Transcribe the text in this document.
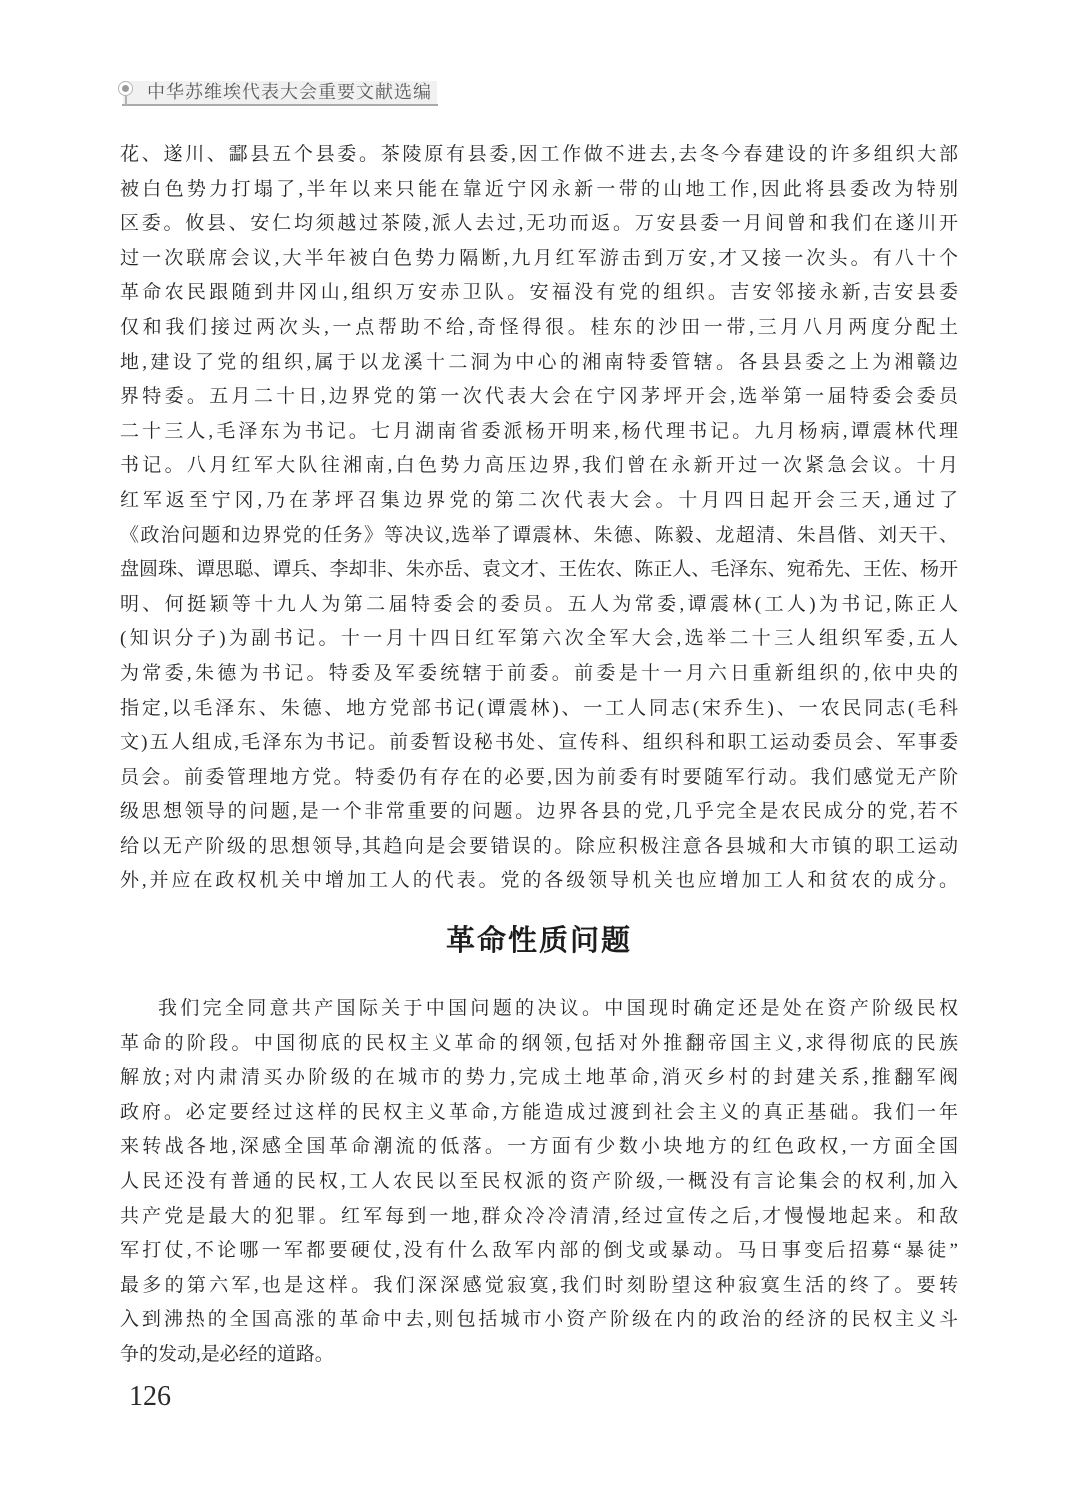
中华苏维埃代表大会重要文献选编
花、遂川、酃县五个县委。茶陵原有县委,因工作做不进去,去冬今春建设的许多组织大部
被白色势力打塌了,半年以来只能在靠近宁冈永新一带的山地工作,因此将县委改为特别
区委。攸县、安仁均须越过茶陵,派人去过,无功而返。万安县委一月间曾和我们在遂川开
过一次联席会议,大半年被白色势力隔断,九月红军游击到万安,才又接一次头。有八十个
革命农民跟随到井冈山,组织万安赤卫队。安福没有党的组织。吉安邻接永新,吉安县委
仅和我们接过两次头,一点帮助不给,奇怪得很。桂东的沙田一带,三月八月两度分配土
地,建设了党的组织,属于以龙溪十二洞为中心的湘南特委管辖。各县县委之上为湘赣边
界特委。五月二十日,边界党的第一次代表大会在宁冈茅坪开会,选举第一届特委会委员
二十三人,毛泽东为书记。七月湖南省委派杨开明来,杨代理书记。九月杨病,谭震林代理
书记。八月红军大队往湘南,白色势力高压边界,我们曾在永新开过一次紧急会议。十月
红军返至宁冈,乃在茅坪召集边界党的第二次代表大会。十月四日起开会三天,通过了
《政治问题和边界党的任务》等决议,选举了谭震林、朱德、陈毅、龙超清、朱昌偕、刘天干、
盘圆珠、谭思聪、谭兵、李却非、朱亦岳、袁文才、王佐农、陈正人、毛泽东、宛希先、王佐、杨开
明、何挺颖等十九人为第二届特委会的委员。五人为常委,谭震林(工人)为书记,陈正人
(知识分子)为副书记。十一月十四日红军第六次全军大会,选举二十三人组织军委,五人
为常委,朱德为书记。特委及军委统辖于前委。前委是十一月六日重新组织的,依中央的
指定,以毛泽东、朱德、地方党部书记(谭震林)、一工人同志(宋乔生)、一农民同志(毛科
文)五人组成,毛泽东为书记。前委暂设秘书处、宣传科、组织科和职工运动委员会、军事委
员会。前委管理地方党。特委仍有存在的必要,因为前委有时要随军行动。我们感觉无产阶
级思想领导的问题,是一个非常重要的问题。边界各县的党,几乎完全是农民成分的党,若不
给以无产阶级的思想领导,其趋向是会要错误的。除应积极注意各县城和大市镇的职工运动
外,并应在政权机关中增加工人的代表。党的各级领导机关也应增加工人和贫农的成分。
革命性质问题
我们完全同意共产国际关于中国问题的决议。中国现时确定还是处在资产阶级民权
革命的阶段。中国彻底的民权主义革命的纲领,包括对外推翻帝国主义,求得彻底的民族
解放;对内肃清买办阶级的在城市的势力,完成土地革命,消灭乡村的封建关系,推翻军阀
政府。必定要经过这样的民权主义革命,方能造成过渡到社会主义的真正基础。我们一年
来转战各地,深感全国革命潮流的低落。一方面有少数小块地方的红色政权,一方面全国
人民还没有普通的民权,工人农民以至民权派的资产阶级,一概没有言论集会的权利,加入
共产党是最大的犯罪。红军每到一地,群众冷冷清清,经过宣传之后,才慢慢地起来。和敌
军打仗,不论哪一军都要硬仗,没有什么敌军内部的倒戈或暴动。马日事变后招募“暴徒”
最多的第六军,也是这样。我们深深感觉寂寞,我们时刻盼望这种寂寞生活的终了。要转
入到沸热的全国高涨的革命中去,则包括城市小资产阶级在内的政治的经济的民权主义斗
争的发动,是必经的道路。
126
